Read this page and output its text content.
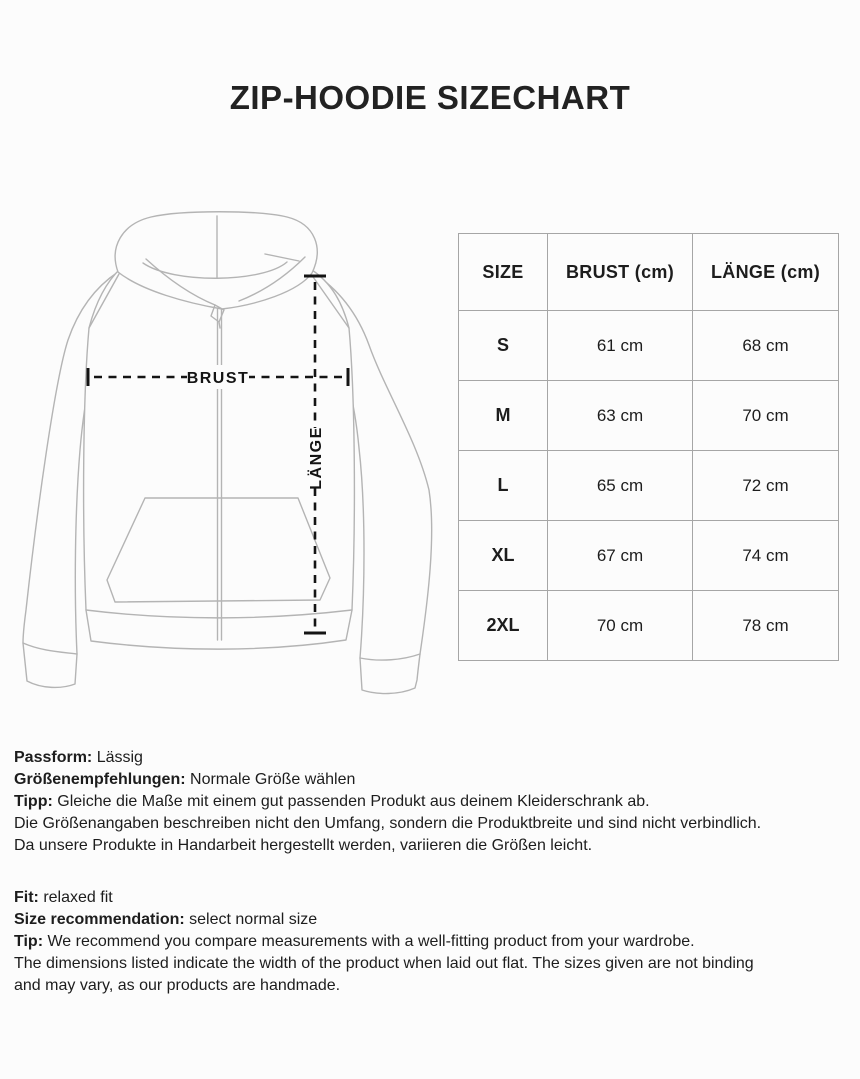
ZIP-HOODIE SIZECHART
BRUST
LÄNGE
SIZE	BRUST (cm)	LÄNGE (cm)
S	61 cm	68 cm
M	63 cm	70 cm
L	65 cm	72 cm
XL	67 cm	74 cm
2XL	70 cm	78 cm

Passform: Lässig

Größenempfehlungen: Normale Größe wählen

Tipp: Gleiche die Maße mit einem gut passenden Produkt aus deinem Kleiderschrank ab.

Die Größenangaben beschreiben nicht den Umfang, sondern die Produktbreite und sind nicht verbindlich.

Da unsere Produkte in Handarbeit hergestellt werden, variieren die Größen leicht.

Fit: relaxed fit

Size recommendation: select normal size

Tip: We recommend you compare measurements with a well-fitting product from your wardrobe.

The dimensions listed indicate the width of the product when laid out flat. The sizes given are not binding

and may vary, as our products are handmade.
